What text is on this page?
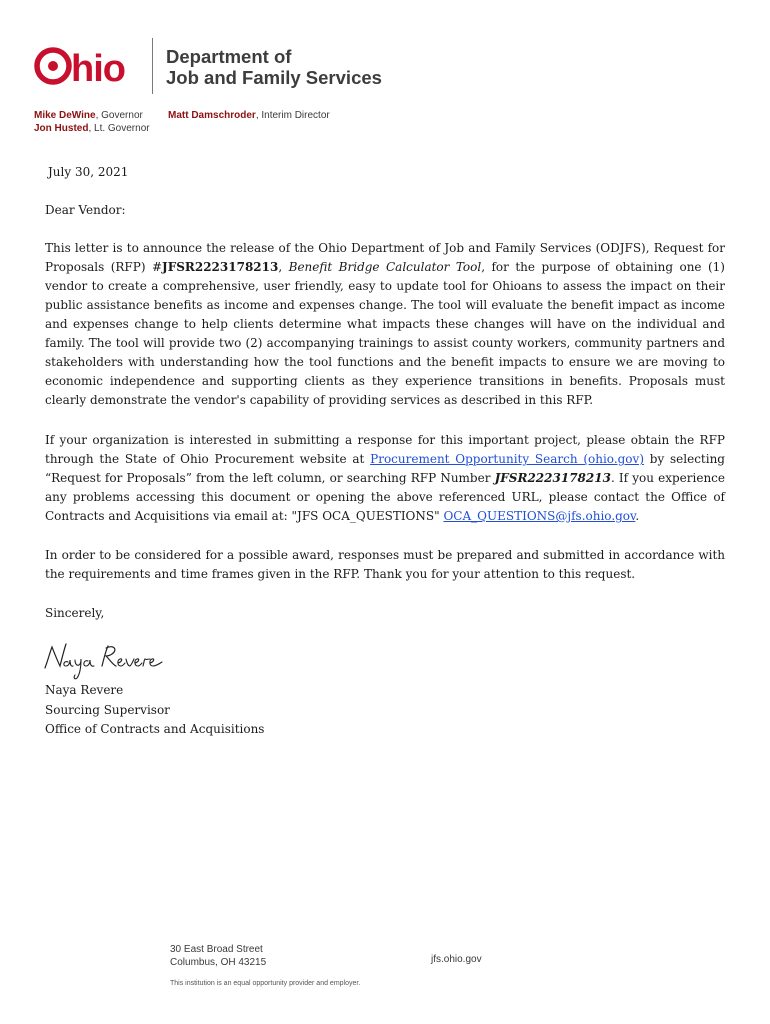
hio Department of
Job and Family Services
Mike DeWine, Governor
Jon Husted, Lt. Governor
Matt Damschroder, Interim Director
July 30, 2021
Dear Vendor:

This letter is to announce the release of the Ohio Department of Job and Family Services (ODJFS), Request for Proposals (RFP) #JFSR2223178213, Benefit Bridge Calculator Tool, for the purpose of obtaining one (1) vendor to create a comprehensive, user friendly, easy to update tool for Ohioans to assess the impact on their public assistance benefits as income and expenses change. The tool will evaluate the benefit impact as income and expenses change to help clients determine what impacts these changes will have on the individual and family. The tool will provide two (2) accompanying trainings to assist county workers, community partners and stakeholders with understanding how the tool functions and the benefit impacts to ensure we are moving to economic independence and supporting clients as they experience transitions in benefits. Proposals must clearly demonstrate the vendor's capability of providing services as described in this RFP.

If your organization is interested in submitting a response for this important project, please obtain the RFP through the State of Ohio Procurement website at Procurement Opportunity Search (ohio.gov) by selecting “Request for Proposals” from the left column, or searching RFP Number JFSR2223178213. If you experience any problems accessing this document or opening the above referenced URL, please contact the Office of Contracts and Acquisitions via email at: "JFS OCA_QUESTIONS" OCA_QUESTIONS@jfs.ohio.gov.

In order to be considered for a possible award, responses must be prepared and submitted in accordance with the requirements and time frames given in the RFP. Thank you for your attention to this request.

Sincerely,
Naya Revere
Sourcing Supervisor
Office of Contracts and Acquisitions
30 East Broad Street
Columbus, OH 43215	jfs.ohio.gov
This institution is an equal opportunity provider and employer.
